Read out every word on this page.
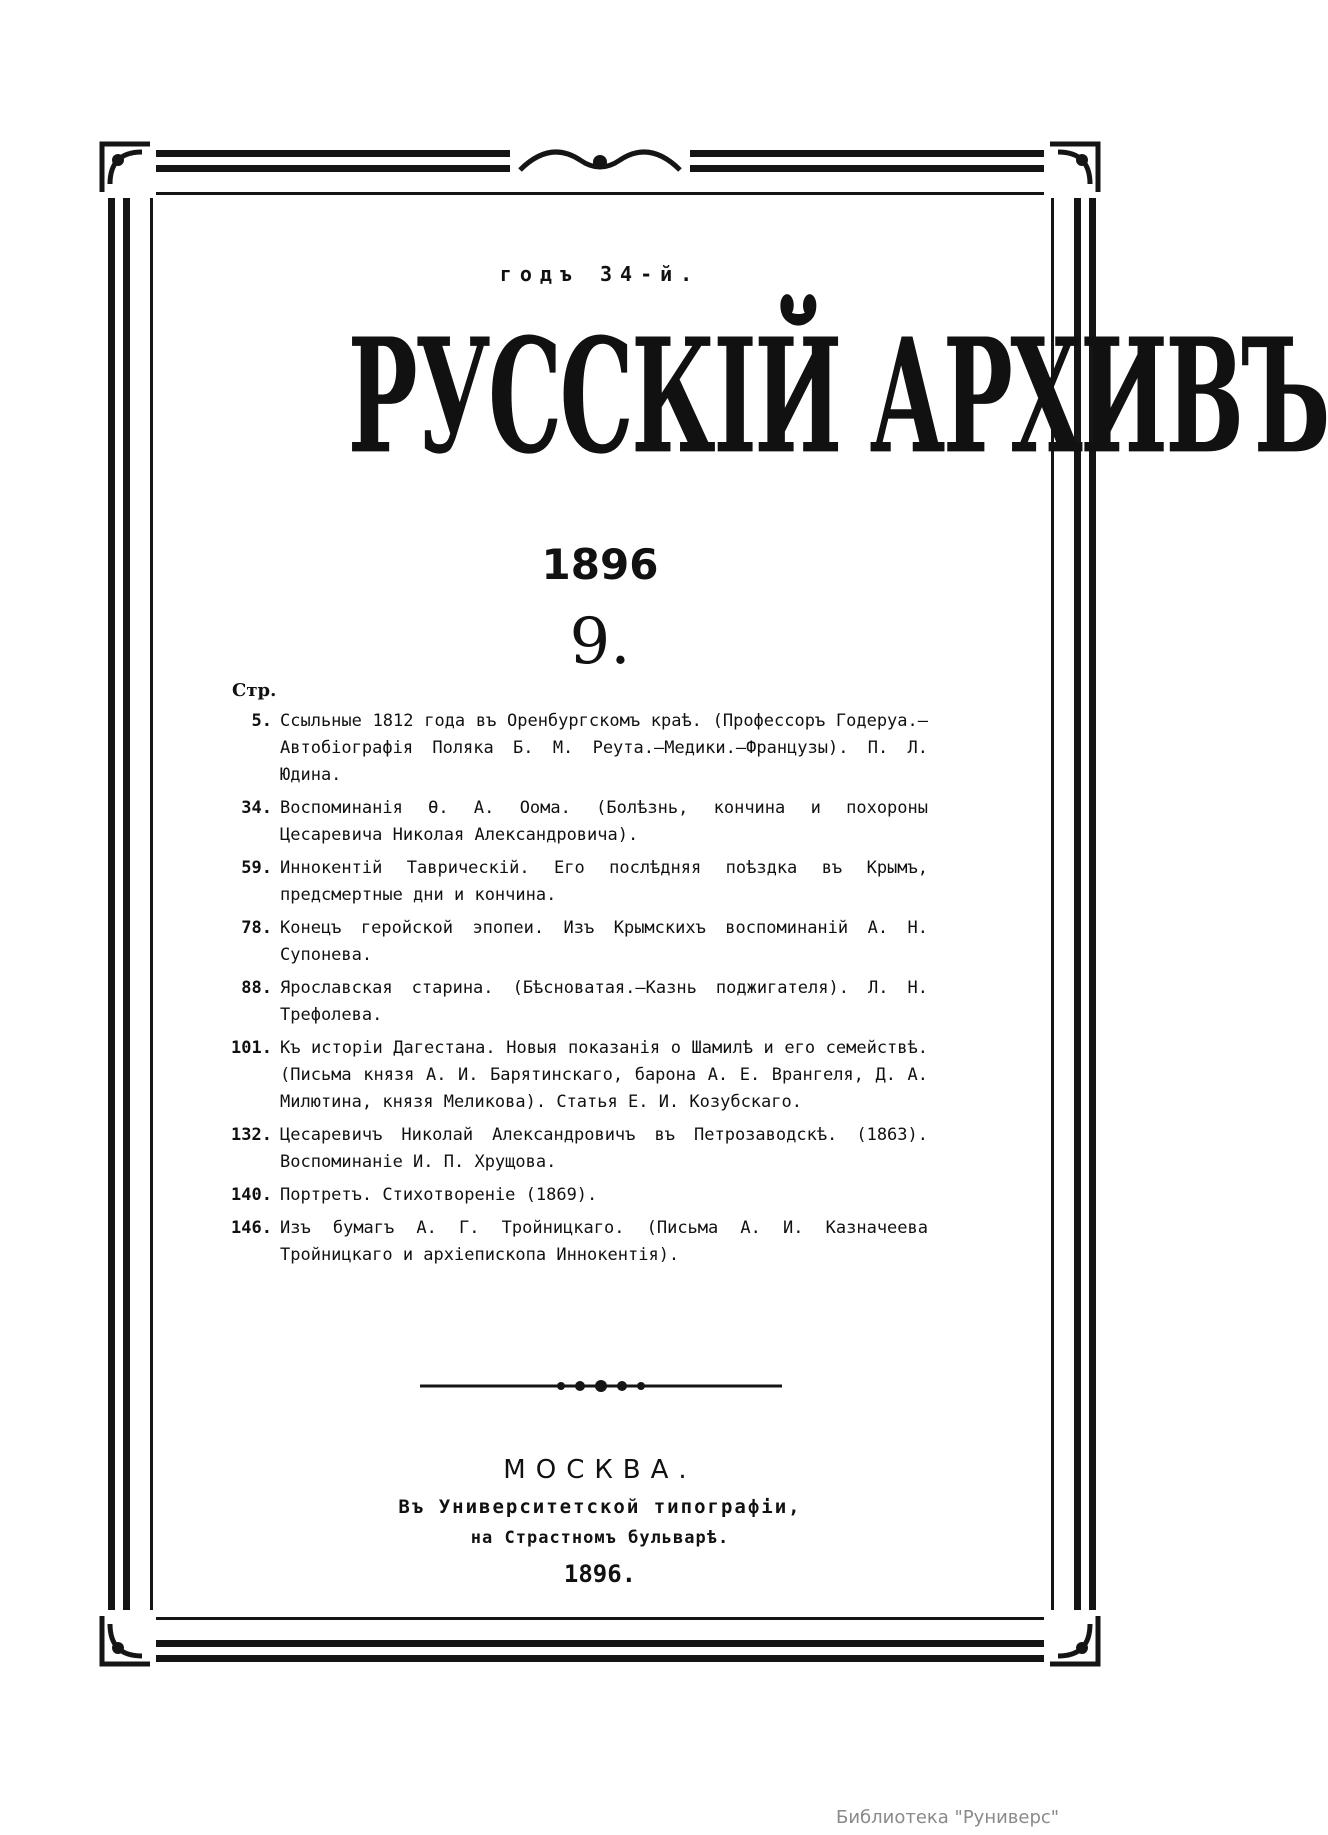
годъ 34-й.
РУССКІЙ АРХИВЪ
1896
9.
Стр.
5. Ссыльные 1812 года въ Оренбургскомъ краѣ. (Профессоръ Годеруа.—Автобіографія Поляка Б. М. Реута.—Медики.—Французы). П. Л. Юдина.
34. Воспоминанія Ѳ. А. Оома. (Болѣзнь, кончина и похороны Цесаревича Николая Александровича).
59. Иннокентій Таврическій. Его послѣдняя поѣздка въ Крымъ, предсмертные дни и кончина.
78. Конецъ геройской эпопеи. Изъ Крымскихъ воспоминаній А. Н. Супонева.
88. Ярославская старина. (Бѣсноватая.—Казнь поджигателя). Л. Н. Трефолева.
101. Къ исторіи Дагестана. Новыя показанія о Шамилѣ и его семействѣ. (Письма князя А. И. Барятинскаго, барона А. Е. Врангеля, Д. А. Милютина, князя Меликова). Статья Е. И. Козубскаго.
132. Цесаревичъ Николай Александровичъ въ Петрозаводскѣ. (1863). Воспоминаніе И. П. Хрущова.
140. Портретъ. Стихотвореніе (1869).
146. Изъ бумагъ А. Г. Тройницкаго. (Письма А. И. Казначеева Тройницкаго и архіепископа Иннокентія).
МОСКВА.
Въ Университетской типографіи,
на Страстномъ бульварѣ.
1896.
Библиотека "Руниверс"
